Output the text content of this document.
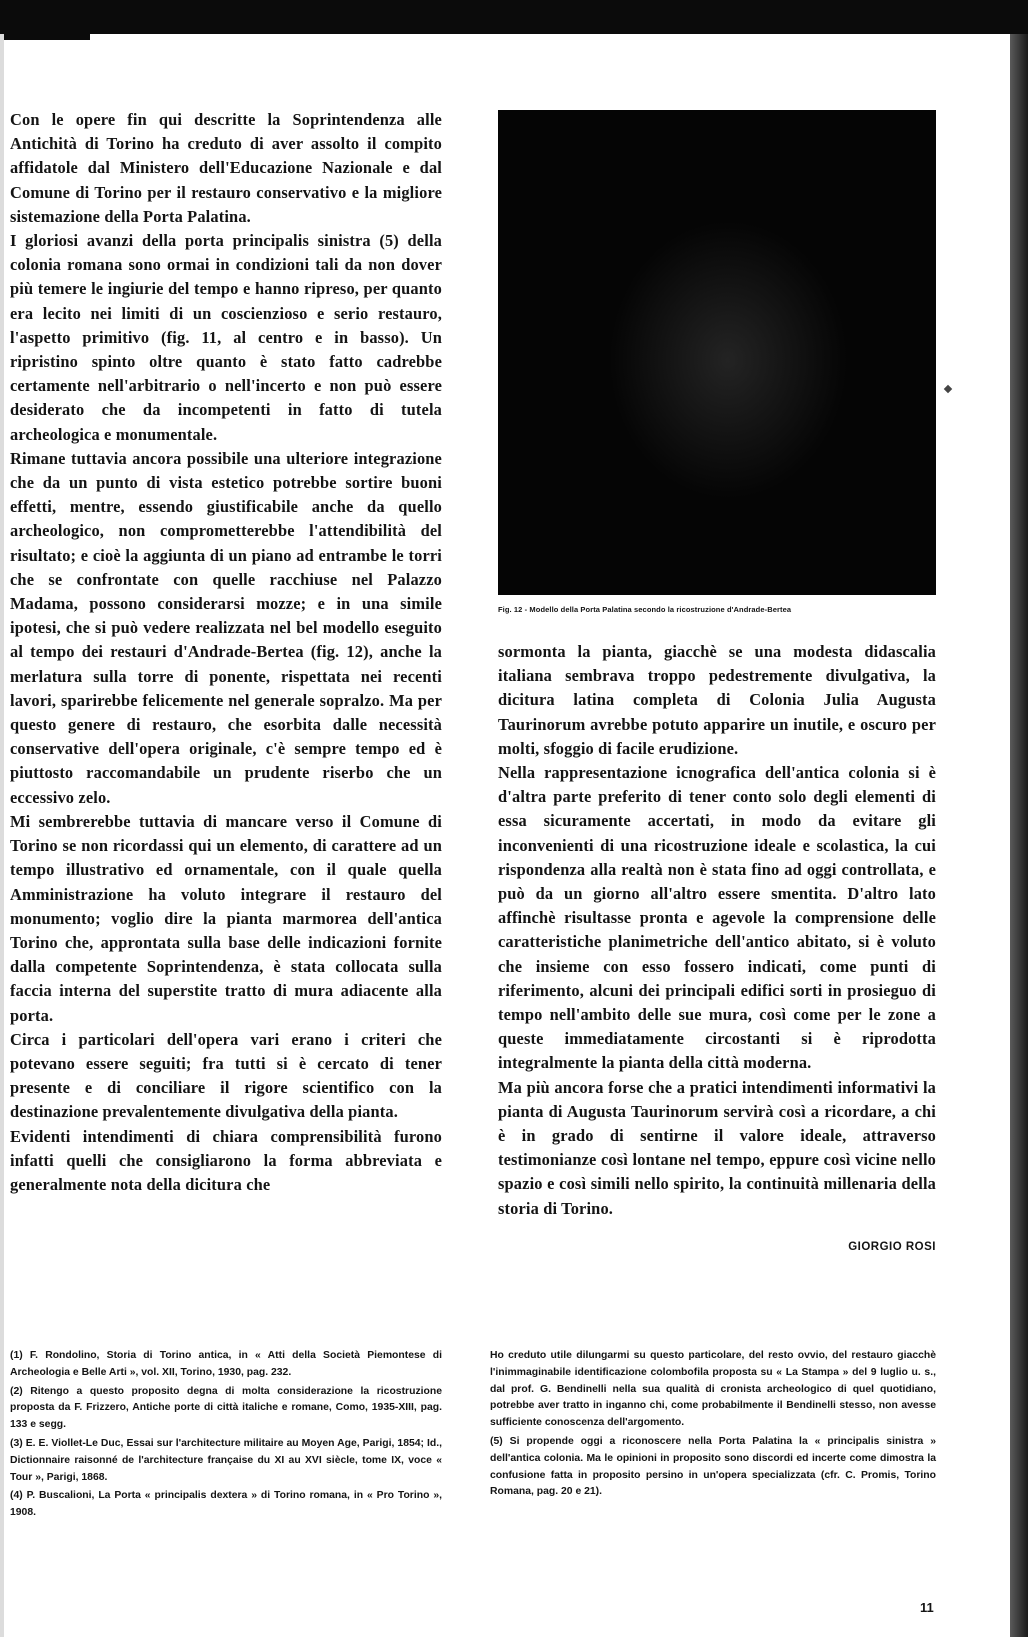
Con le opere fin qui descritte la Soprintendenza alle Antichità di Torino ha creduto di aver assolto il compito affidatole dal Ministero dell'Educazione Nazionale e dal Comune di Torino per il restauro conservativo e la migliore sistemazione della Porta Palatina.

I gloriosi avanzi della porta principalis sinistra (5) della colonia romana sono ormai in condizioni tali da non dover più temere le ingiurie del tempo e hanno ripreso, per quanto era lecito nei limiti di un coscienzioso e serio restauro, l'aspetto primitivo (fig. 11, al centro e in basso). Un ripristino spinto oltre quanto è stato fatto cadrebbe certamente nell'arbitrario o nell'incerto e non può essere desiderato che da incompetenti in fatto di tutela archeologica e monumentale.

Rimane tuttavia ancora possibile una ulteriore integrazione che da un punto di vista estetico potrebbe sortire buoni effetti, mentre, essendo giustificabile anche da quello archeologico, non comprometterebbe l'attendibilità del risultato; e cioè la aggiunta di un piano ad entrambe le torri che se confrontate con quelle racchiuse nel Palazzo Madama, possono considerarsi mozze; e in una simile ipotesi, che si può vedere realizzata nel bel modello eseguito al tempo dei restauri d'Andrade-Bertea (fig. 12), anche la merlatura sulla torre di ponente, rispettata nei recenti lavori, sparirebbe felicemente nel generale sopralzo. Ma per questo genere di restauro, che esorbita dalle necessità conservative dell'opera originale, c'è sempre tempo ed è piuttosto raccomandabile un prudente riserbo che un eccessivo zelo.

Mi sembrerebbe tuttavia di mancare verso il Comune di Torino se non ricordassi qui un elemento, di carattere ad un tempo illustrativo ed ornamentale, con il quale quella Amministrazione ha voluto integrare il restauro del monumento; voglio dire la pianta marmorea dell'antica Torino che, approntata sulla base delle indicazioni fornite dalla competente Soprintendenza, è stata collocata sulla faccia interna del superstite tratto di mura adiacente alla porta.

Circa i particolari dell'opera vari erano i criteri che potevano essere seguiti; fra tutti si è cercato di tener presente e di conciliare il rigore scientifico con la destinazione prevalentemente divulgativa della pianta.

Evidenti intendimenti di chiara comprensibilità furono infatti quelli che consigliarono la forma abbreviata e generalmente nota della dicitura che

Fig. 12 - Modello della Porta Palatina secondo la ricostruzione d'Andrade-Bertea

sormonta la pianta, giacchè se una modesta didascalia italiana sembrava troppo pedestremente divulgativa, la dicitura latina completa di Colonia Julia Augusta Taurinorum avrebbe potuto apparire un inutile, e oscuro per molti, sfoggio di facile erudizione.

Nella rappresentazione icnografica dell'antica colonia si è d'altra parte preferito di tener conto solo degli elementi di essa sicuramente accertati, in modo da evitare gli inconvenienti di una ricostruzione ideale e scolastica, la cui rispondenza alla realtà non è stata fino ad oggi controllata, e può da un giorno all'altro essere smentita. D'altro lato affinchè risultasse pronta e agevole la comprensione delle caratteristiche planimetriche dell'antico abitato, si è voluto che insieme con esso fossero indicati, come punti di riferimento, alcuni dei principali edifici sorti in prosieguo di tempo nell'ambito delle sue mura, così come per le zone a queste immediatamente circostanti si è riprodotta integralmente la pianta della città moderna.

Ma più ancora forse che a pratici intendimenti informativi la pianta di Augusta Taurinorum servirà così a ricordare, a chi è in grado di sentirne il valore ideale, attraverso testimonianze così lontane nel tempo, eppure così vicine nello spazio e così simili nello spirito, la continuità millenaria della storia di Torino.

GIORGIO ROSI

(1) F. Rondolino, Storia di Torino antica, in « Atti della Società Piemontese di Archeologia e Belle Arti », vol. XII, Torino, 1930, pag. 232.

(2) Ritengo a questo proposito degna di molta considerazione la ricostruzione proposta da F. Frizzero, Antiche porte di città italiche e romane, Como, 1935-XIII, pag. 133 e segg.

(3) E. E. Viollet-Le Duc, Essai sur l'architecture militaire au Moyen Age, Parigi, 1854; Id., Dictionnaire raisonné de l'architecture française du XI au XVI siècle, tome IX, voce « Tour », Parigi, 1868.

(4) P. Buscalioni, La Porta « principalis dextera » di Torino romana, in « Pro Torino », 1908.

Ho creduto utile dilungarmi su questo particolare, del resto ovvio, del restauro giacchè l'inimmaginabile identificazione colombofila proposta su « La Stampa » del 9 luglio u. s., dal prof. G. Bendinelli nella sua qualità di cronista archeologico di quel quotidiano, potrebbe aver tratto in inganno chi, come probabilmente il Bendinelli stesso, non avesse sufficiente conoscenza dell'argomento.

(5) Si propende oggi a riconoscere nella Porta Palatina la « principalis sinistra » dell'antica colonia. Ma le opinioni in proposito sono discordi ed incerte come dimostra la confusione fatta in proposito persino in un'opera specializzata (cfr. C. Promis, Torino Romana, pag. 20 e 21).

11
